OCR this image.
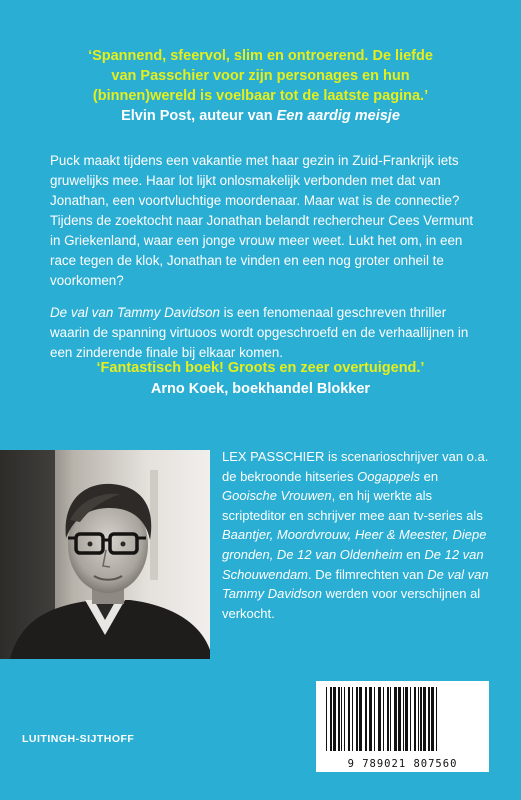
‘Spannend, sfeervol, slim en ontroerend. De liefde
van Passchier voor zijn personages en hun
(binnen)wereld is voelbaar tot de laatste pagina.’
Elvin Post, auteur van Een aardig meisje

Puck maakt tijdens een vakantie met haar gezin in Zuid-Frankrijk iets gruwelijks mee. Haar lot lijkt onlosmakelijk verbonden met dat van Jonathan, een voortvluchtige moordenaar. Maar wat is de connectie? Tijdens de zoektocht naar Jonathan belandt rechercheur Cees Vermunt in Griekenland, waar een jonge vrouw meer weet. Lukt het om, in een race tegen de klok, Jonathan te vinden en een nog groter onheil te voorkomen?

De val van Tammy Davidson is een fenomenaal geschreven thriller waarin de spanning virtuoos wordt opgeschroefd en de verhaallijnen in een zinderende finale bij elkaar komen.

‘Fantastisch boek! Groots en zeer overtuigend.’
Arno Koek, boekhandel Blokker
LEX PASSCHIER is scenarioschrijver van o.a. de bekroonde hitseries Oogappels en Gooische Vrouwen, en hij werkte als scripteditor en schrijver mee aan tv-series als Baantjer, Moordvrouw, Heer & Meester, Diepe gronden, De 12 van Oldenheim en De 12 van Schouwendam. De filmrechten van De val van Tammy Davidson werden voor verschijnen al verkocht.
LUITINGH-SIJTHOFF
9 789021 807560
